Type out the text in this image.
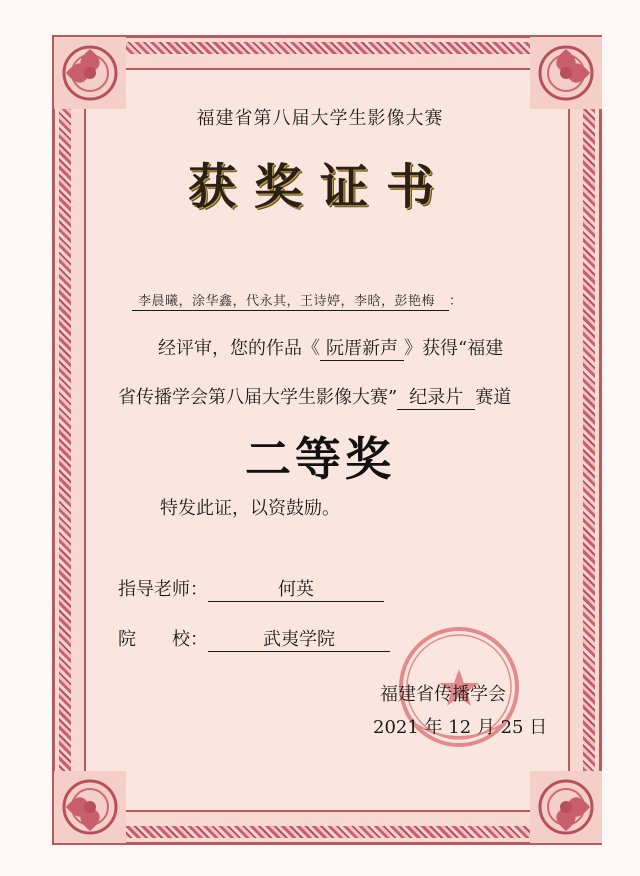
福建省第八届大学生影像大赛
获奖证书
李晨曦，涂华鑫，代永其，王诗婷，李晗，彭艳梅 ：
经评审，您的作品《 阮厝新声 》获得“福建
省传播学会第八届大学生影像大赛” 纪录片 赛道
二等奖
特发此证，以资鼓励。
指导老师：	何英
院　　校：	武夷学院
福建省传播学会
2021 年 12 月 25 日
